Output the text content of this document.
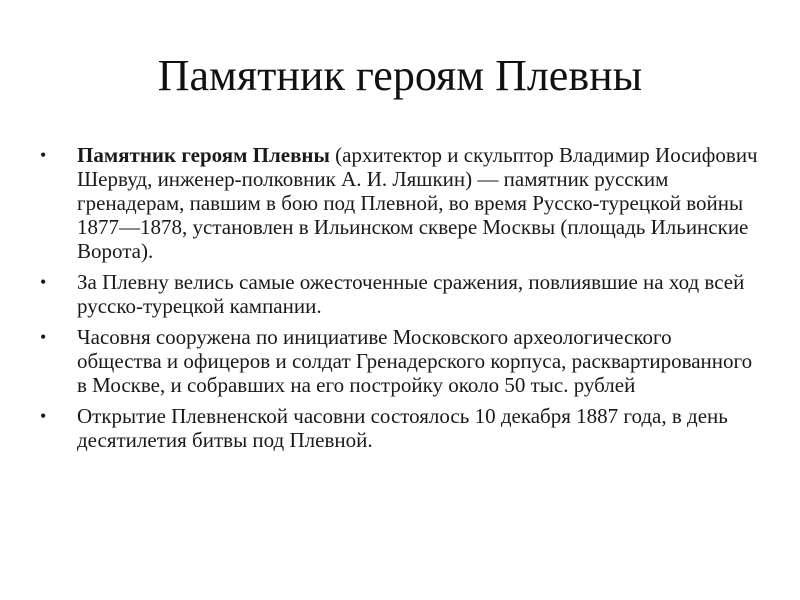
Памятник героям Плевны
• Памятник героям Плевны (архитектор и скульптор Владимир Иосифович Шервуд, инженер-полковник А. И. Ляшкин) — памятник русским гренадерам, павшим в бою под Плевной, во время Русско-турецкой войны 1877—1878, установлен в Ильинском сквере Москвы (площадь Ильинские Ворота).
• За Плевну велись самые ожесточенные сражения, повлиявшие на ход всей русско-турецкой кампании.
• Часовня сооружена по инициативе Московского археологического общества и офицеров и солдат Гренадерского корпуса, расквартированного в Москве, и собравших на его постройку около 50 тыс. рублей
• Открытие Плевненской часовни состоялось 10 декабря 1887 года, в день десятилетия битвы под Плевной.
